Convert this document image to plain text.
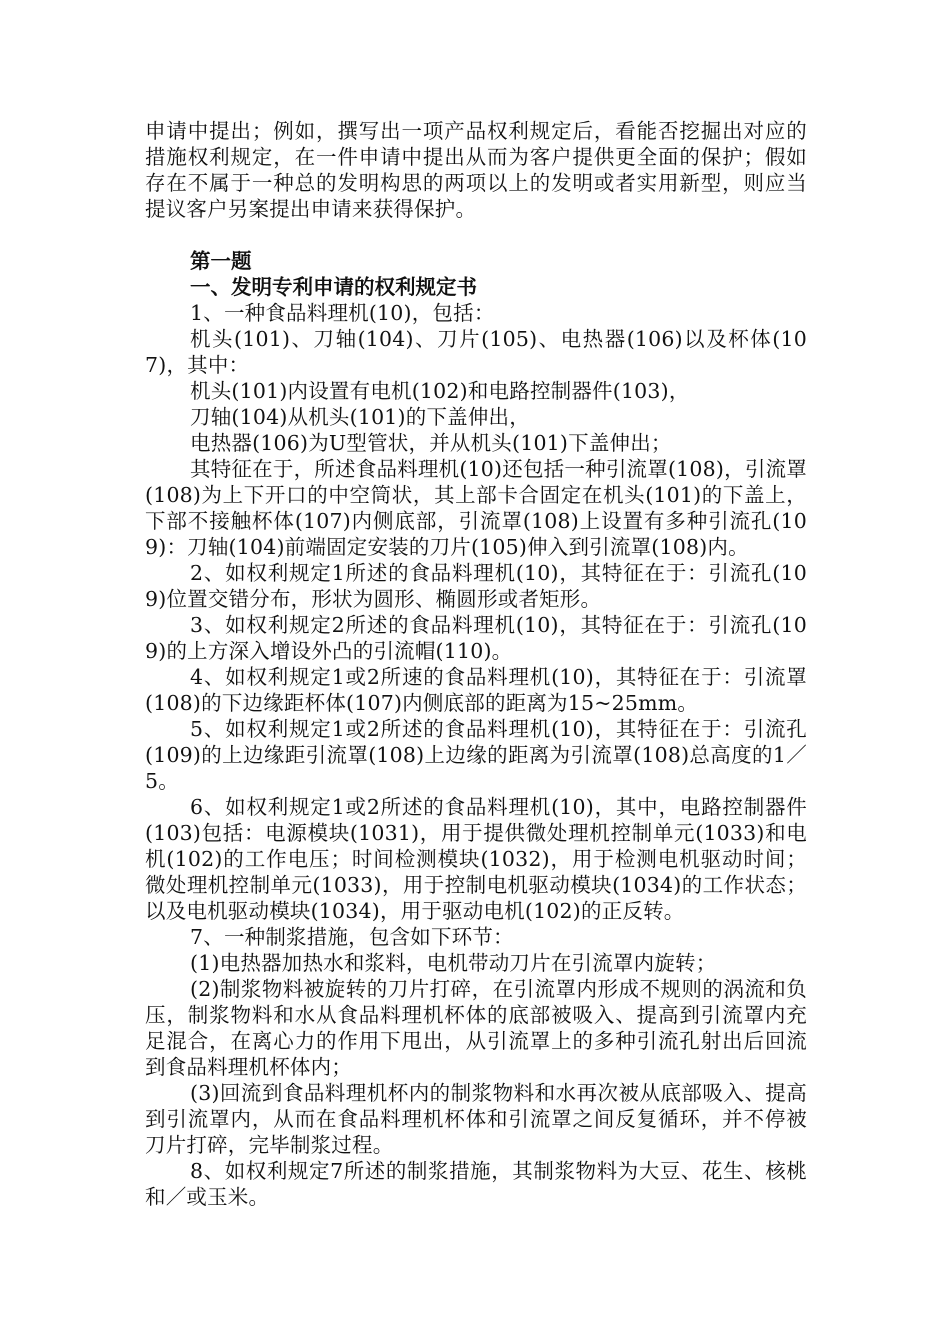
申请中提出；例如，撰写出一项产品权利规定后，看能否挖掘出对应的措施权利规定，在一件申请中提出从而为客户提供更全面的保护；假如存在不属于一种总的发明构思的两项以上的发明或者实用新型，则应当提议客户另案提出申请来获得保护。

第一题
一、发明专利申请的权利规定书

1、一种食品料理机(10)，包括：

机头(101)、刀轴(104)、刀片(105)、电热器(106)以及杯体(107)，其中：

机头(101)内设置有电机(102)和电路控制器件(103)，

刀轴(104)从机头(101)的下盖伸出，

电热器(106)为U型管状，并从机头(101)下盖伸出；

其特征在于，所述食品料理机(10)还包括一种引流罩(108)，引流罩(108)为上下开口的中空筒状，其上部卡合固定在机头(101)的下盖上，下部不接触杯体(107)内侧底部，引流罩(108)上设置有多种引流孔(109)：刀轴(104)前端固定安装的刀片(105)伸入到引流罩(108)内。

2、如权利规定1所述的食品料理机(10)，其特征在于：引流孔(109)位置交错分布，形状为圆形、椭圆形或者矩形。

3、如权利规定2所述的食品料理机(10)，其特征在于：引流孔(109)的上方深入增设外凸的引流帽(110)。

4、如权利规定1或2所速的食品料理机(10)，其特征在于：引流罩(108)的下边缘距杯体(107)内侧底部的距离为15~25mm。

5、如权利规定1或2所述的食品料理机(10)，其特征在于：引流孔(109)的上边缘距引流罩(108)上边缘的距离为引流罩(108)总高度的1／5。

6、如权利规定1或2所述的食品料理机(10)，其中，电路控制器件(103)包括：电源模块(1031)，用于提供微处理机控制单元(1033)和电机(102)的工作电压；时间检测模块(1032)，用于检测电机驱动时间；微处理机控制单元(1033)，用于控制电机驱动模块(1034)的工作状态；以及电机驱动模块(1034)，用于驱动电机(102)的正反转。

7、一种制浆措施，包含如下环节：

(1)电热器加热水和浆料，电机带动刀片在引流罩内旋转；

(2)制浆物料被旋转的刀片打碎，在引流罩内形成不规则的涡流和负压，制浆物料和水从食品料理机杯体的底部被吸入、提高到引流罩内充足混合，在离心力的作用下甩出，从引流罩上的多种引流孔射出后回流到食品料理机杯体内；

(3)回流到食品料理机杯内的制浆物料和水再次被从底部吸入、提高到引流罩内，从而在食品料理机杯体和引流罩之间反复循环，并不停被刀片打碎，完毕制浆过程。

8、如权利规定7所述的制浆措施，其制浆物料为大豆、花生、核桃和／或玉米。
